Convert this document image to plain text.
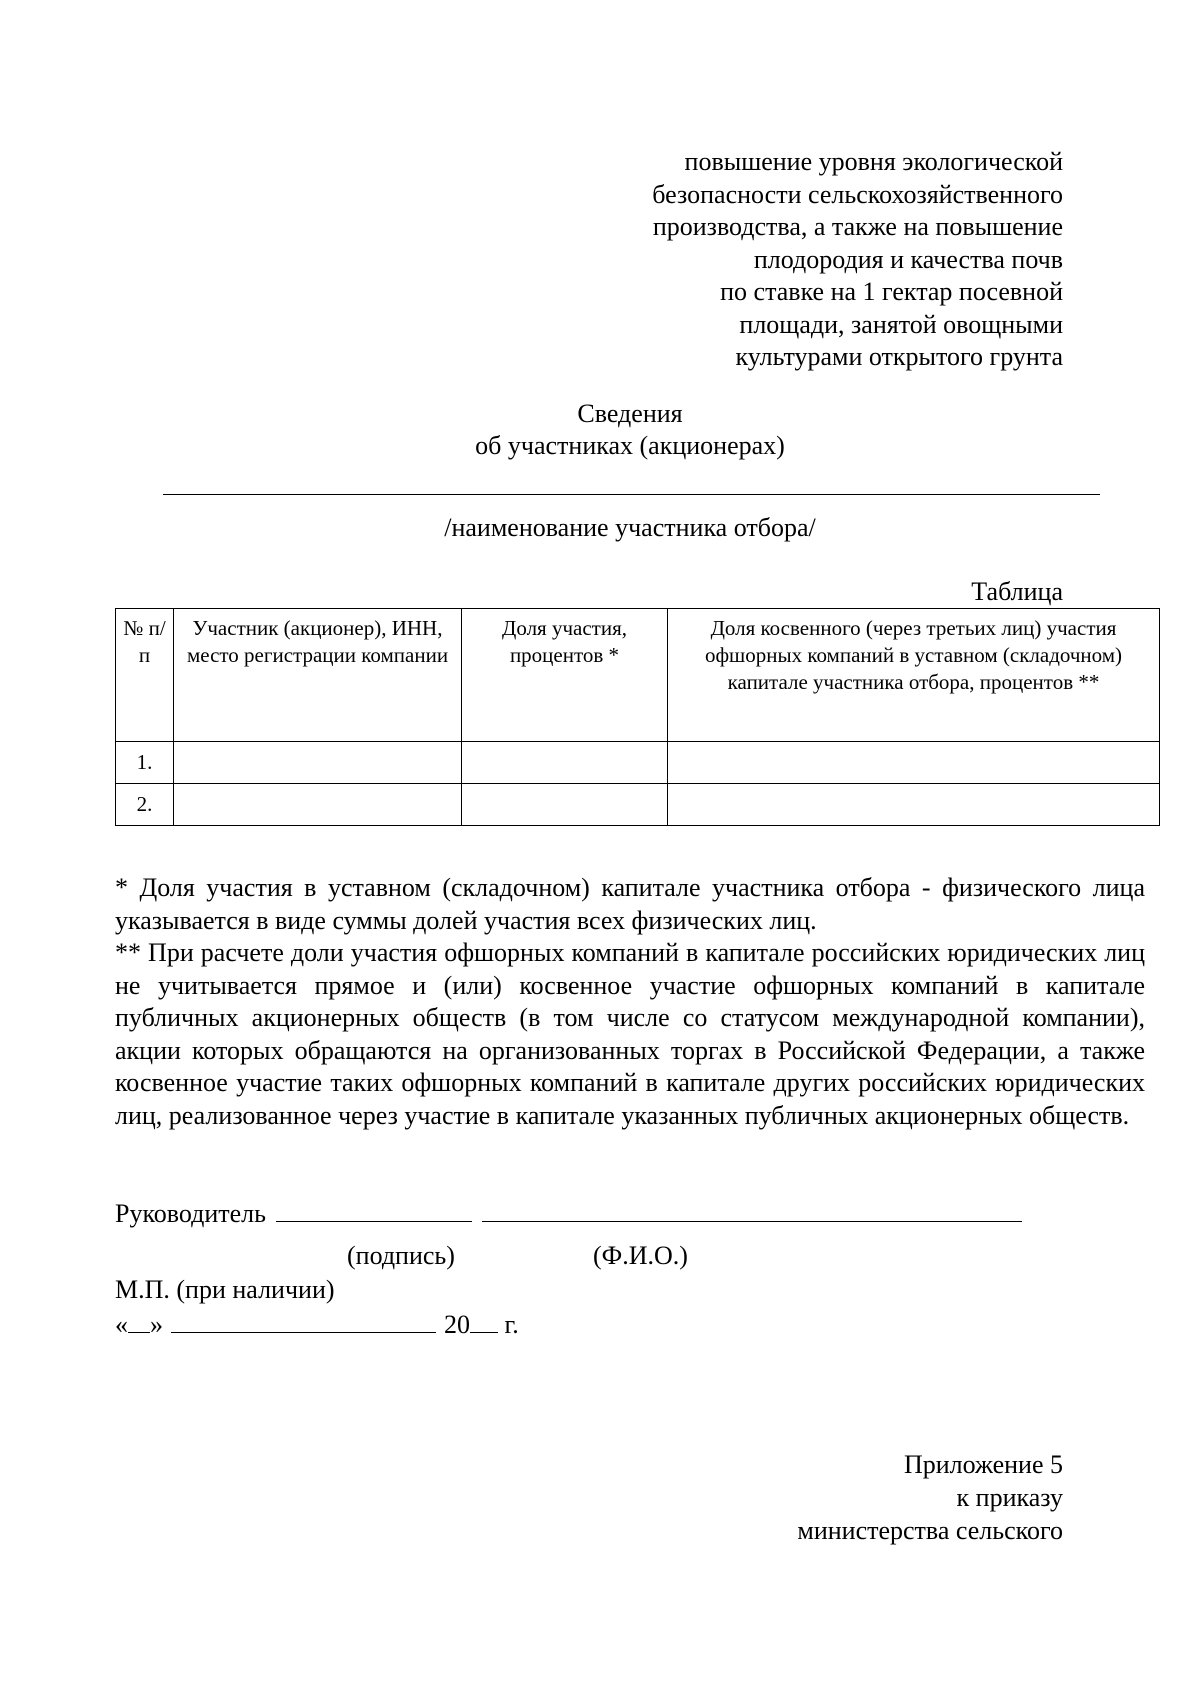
повышение уровня экологической
безопасности сельскохозяйственного
производства, а также на повышение
плодородия и качества почв
по ставке на 1 гектар посевной
площади, занятой овощными
культурами открытого грунта
Сведения
об участниках (акционерах)
/наименование участника отбора/
Таблица
№ п/п	Участник (акционер), ИНН, место регистрации компании	Доля участия, процентов *	Доля косвенного (через третьих лиц) участия офшорных компаний в уставном (складочном) капитале участника отбора, процентов **
1.			
2.			

* Доля участия в уставном (складочном) капитале участника отбора - физического лица указывается в виде суммы долей участия всех физических лиц.

** При расчете доли участия офшорных компаний в капитале российских юридических лиц не учитывается прямое и (или) косвенное участие офшорных компаний в капитале публичных акционерных обществ (в том числе со статусом международной компании), акции которых обращаются на организованных торгах в Российской Федерации, а также косвенное участие таких офшорных компаний в капитале других российских юридических лиц, реализованное через участие в капитале указанных публичных акционерных обществ.

Руководитель
(подпись)	(Ф.И.О.)
М.П. (при наличии)
« »	20 г.
Приложение 5
к приказу
министерства сельского
